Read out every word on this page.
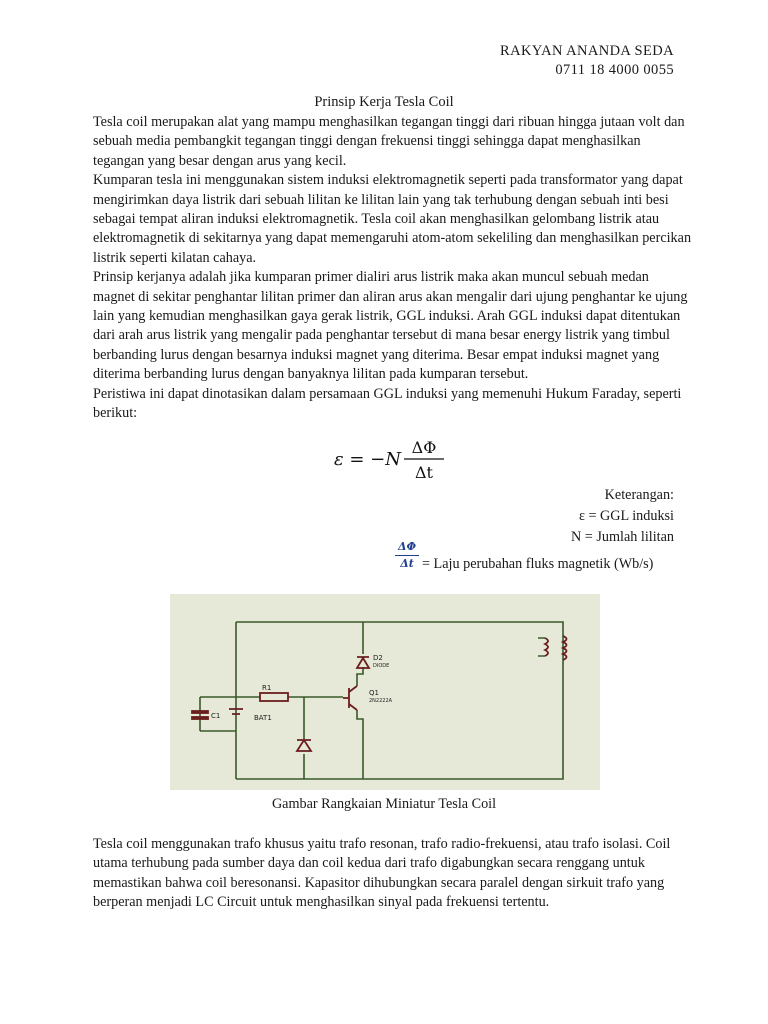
RAKYAN ANANDA SEDA
0711 18 4000 0055
Prinsip Kerja Tesla Coil

Tesla coil merupakan alat yang mampu menghasilkan tegangan tinggi dari ribuan hingga jutaan volt dan sebuah media pembangkit tegangan tinggi dengan frekuensi tinggi sehingga dapat menghasilkan tegangan yang besar dengan arus yang kecil.

Kumparan tesla ini menggunakan sistem induksi elektromagnetik seperti pada transformator yang dapat mengirimkan daya listrik dari sebuah lilitan ke lilitan lain yang tak terhubung dengan sebuah inti besi sebagai tempat aliran induksi elektromagnetik. Tesla coil akan menghasilkan gelombang listrik atau elektromagnetik di sekitarnya yang dapat memengaruhi atom-atom sekeliling dan menghasilkan percikan listrik seperti kilatan cahaya.

Prinsip kerjanya adalah jika kumparan primer dialiri arus listrik maka akan muncul sebuah medan magnet di sekitar penghantar lilitan primer dan aliran arus akan mengalir dari ujung penghantar ke ujung lain yang kemudian menghasilkan gaya gerak listrik, GGL induksi. Arah GGL induksi dapat ditentukan dari arah arus listrik yang mengalir pada penghantar tersebut di mana besar energy listrik yang timbul berbanding lurus dengan besarnya induksi magnet yang diterima. Besar empat induksi magnet yang diterima berbanding lurus dengan banyaknya lilitan pada kumparan tersebut.

Peristiwa ini dapat dinotasikan dalam persamaan GGL induksi yang memenuhi Hukum Faraday, seperti berikut:

ε = −N
ΔΦ
Δt
Keterangan:
ε = GGL induksi
N = Jumlah lilitan
ΔΦ
Δt = Laju perubahan fluks magnetik (Wb/s)
C1
R1
BAT1
D2
DIODE
Q1
2N2222A
Gambar Rangkaian Miniatur Tesla Coil

Tesla coil menggunakan trafo khusus yaitu trafo resonan, trafo radio-frekuensi, atau trafo isolasi. Coil utama terhubung pada sumber daya dan coil kedua dari trafo digabungkan secara renggang untuk memastikan bahwa coil beresonansi. Kapasitor dihubungkan secara paralel dengan sirkuit trafo yang berperan menjadi LC Circuit untuk menghasilkan sinyal pada frekuensi tertentu.
